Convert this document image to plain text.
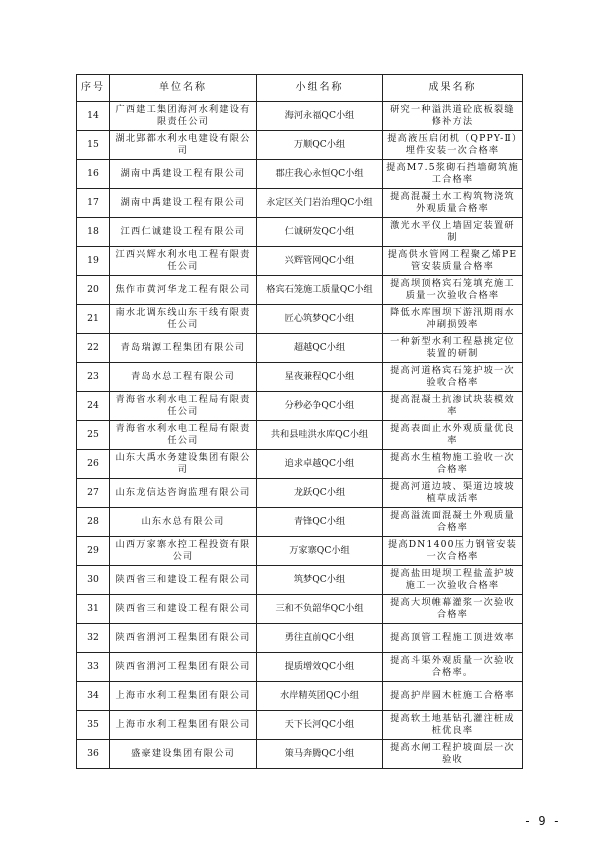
序号	单位名称	小组名称	成果名称
14	广西建工集团海河水利建设有限责任公司	海河永福QC小组	研究一种溢洪道砼底板裂缝修补方法
15	湖北郢都水利水电建设有限公司	万顺QC小组	提高液压启闭机（QPPY-Ⅱ）埋件安装一次合格率
16	湖南中禹建设工程有限公司	郡庄我心永恒QC小组	提高M7.5浆砌石挡墙砌筑施工合格率
17	湖南中禹建设工程有限公司	永定区关门岩治理QC小组	提高混凝土水工构筑物浇筑外观质量合格率
18	江西仁诚建设工程有限公司	仁诚研发QC小组	激光水平仪上墙固定装置研制
19	江西兴辉水利水电工程有限责任公司	兴辉管网QC小组	提高供水管网工程聚乙烯PE管安装质量合格率
20	焦作市黄河华龙工程有限公司	格宾石笼施工质量QC小组	提高坝顶格宾石笼填充施工质量一次验收合格率
21	南水北调东线山东干线有限责任公司	匠心筑梦QC小组	降低水库围坝下游汛期雨水冲刷损毁率
22	青岛瑞源工程集团有限公司	超越QC小组	一种新型水利工程悬挑定位装置的研制
23	青岛水总工程有限公司	星夜兼程QC小组	提高河道格宾石笼护坡一次验收合格率
24	青海省水利水电工程局有限责任公司	分秒必争QC小组	提高混凝土抗渗试块装模效率
25	青海省水利水电工程局有限责任公司	共和县哇洪水库QC小组	提高表面止水外观质量优良率
26	山东大禹水务建设集团有限公司	追求卓越QC小组	提高水生植物施工验收一次合格率
27	山东龙信达咨询监理有限公司	龙跃QC小组	提高河道边坡、渠道边坡坡植草成活率
28	山东水总有限公司	青锋QC小组	提高溢流面混凝土外观质量合格率
29	山西万家寨水控工程投资有限公司	万家寨QC小组	提高DN1400压力钢管安装一次合格率
30	陕西省三和建设工程有限公司	筑梦QC小组	提高盐田堤坝工程盐盖护坡施工一次验收合格率
31	陕西省三和建设工程有限公司	三和不负韶华QC小组	提高大坝帷幕灌浆一次验收合格率
32	陕西省渭河工程集团有限公司	勇往直前QC小组	提高顶管工程施工顶进效率
33	陕西省渭河工程集团有限公司	提质增效QC小组	提高斗渠外观质量一次验收合格率。
34	上海市水利工程集团有限公司	水岸精英团QC小组	提高护岸圆木桩施工合格率
35	上海市水利工程集团有限公司	天下长河QC小组	提高软土地基钻孔灌注桩成桩优良率
36	盛豪建设集团有限公司	策马奔腾QC小组	提高水闸工程护坡面层一次验收
- 9 -
